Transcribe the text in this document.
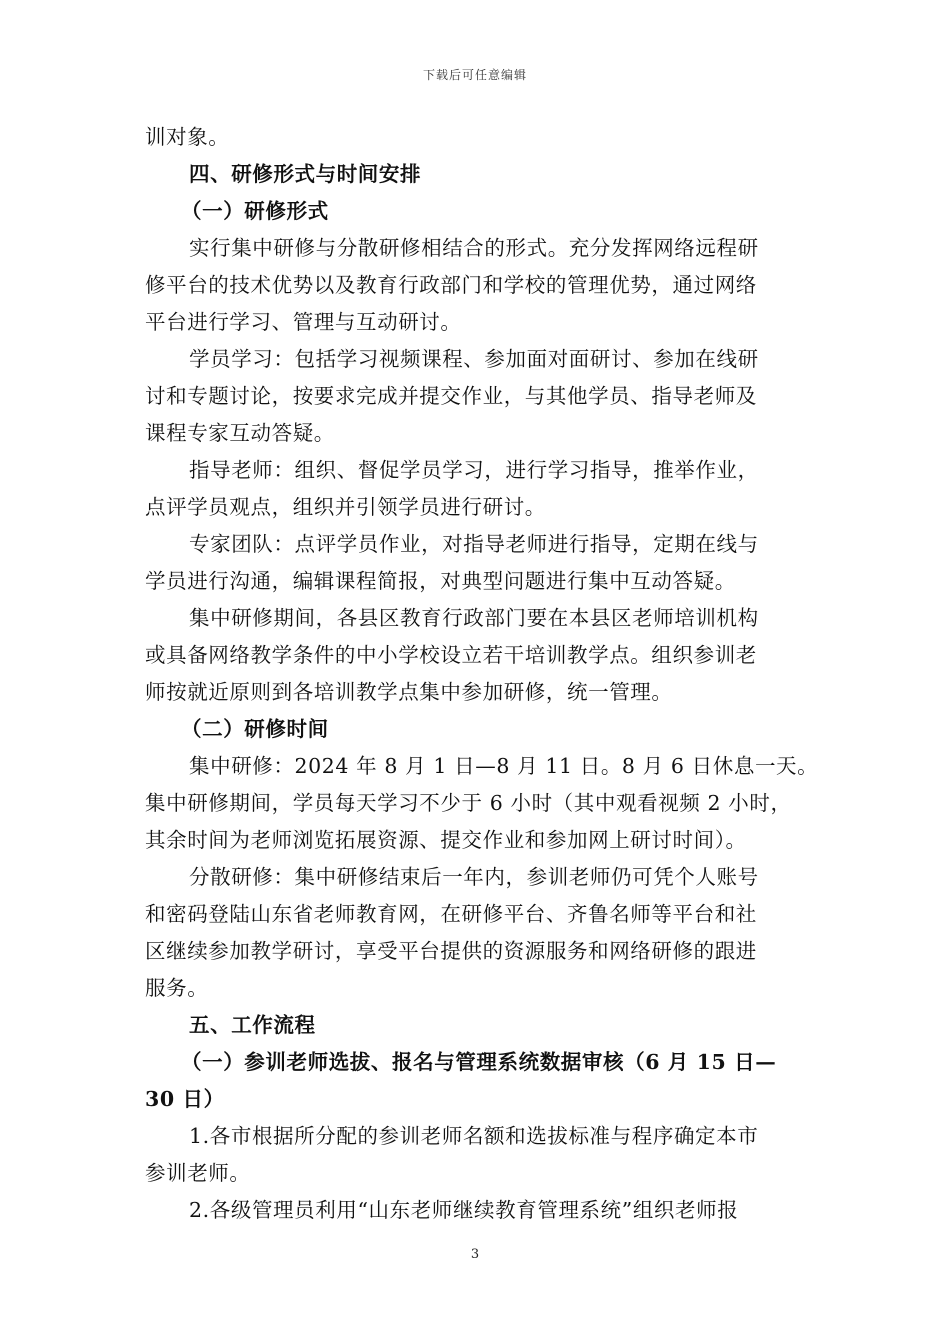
下载后可任意编辑
训对象。
四、研修形式与时间安排
（一）研修形式
实行集中研修与分散研修相结合的形式。充分发挥网络远程研
修平台的技术优势以及教育行政部门和学校的管理优势，通过网络
平台进行学习、管理与互动研讨。
学员学习：包括学习视频课程、参加面对面研讨、参加在线研
讨和专题讨论，按要求完成并提交作业，与其他学员、指导老师及
课程专家互动答疑。
指导老师：组织、督促学员学习，进行学习指导，推举作业，
点评学员观点，组织并引领学员进行研讨。
专家团队：点评学员作业，对指导老师进行指导，定期在线与
学员进行沟通，编辑课程简报，对典型问题进行集中互动答疑。
集中研修期间，各县区教育行政部门要在本县区老师培训机构
或具备网络教学条件的中小学校设立若干培训教学点。组织参训老
师按就近原则到各培训教学点集中参加研修，统一管理。
（二）研修时间
集中研修：2024 年 8 月 1 日—8 月 11 日。8 月 6 日休息一天。
集中研修期间，学员每天学习不少于 6 小时（其中观看视频 2 小时，
其余时间为老师浏览拓展资源、提交作业和参加网上研讨时间）。
分散研修：集中研修结束后一年内，参训老师仍可凭个人账号
和密码登陆山东省老师教育网，在研修平台、齐鲁名师等平台和社
区继续参加教学研讨，享受平台提供的资源服务和网络研修的跟进
服务。
五、工作流程
（一）参训老师选拔、报名与管理系统数据审核（6 月 15 日—
30 日）
1.各市根据所分配的参训老师名额和选拔标准与程序确定本市
参训老师。
2.各级管理员利用“山东老师继续教育管理系统”组织老师报
3
